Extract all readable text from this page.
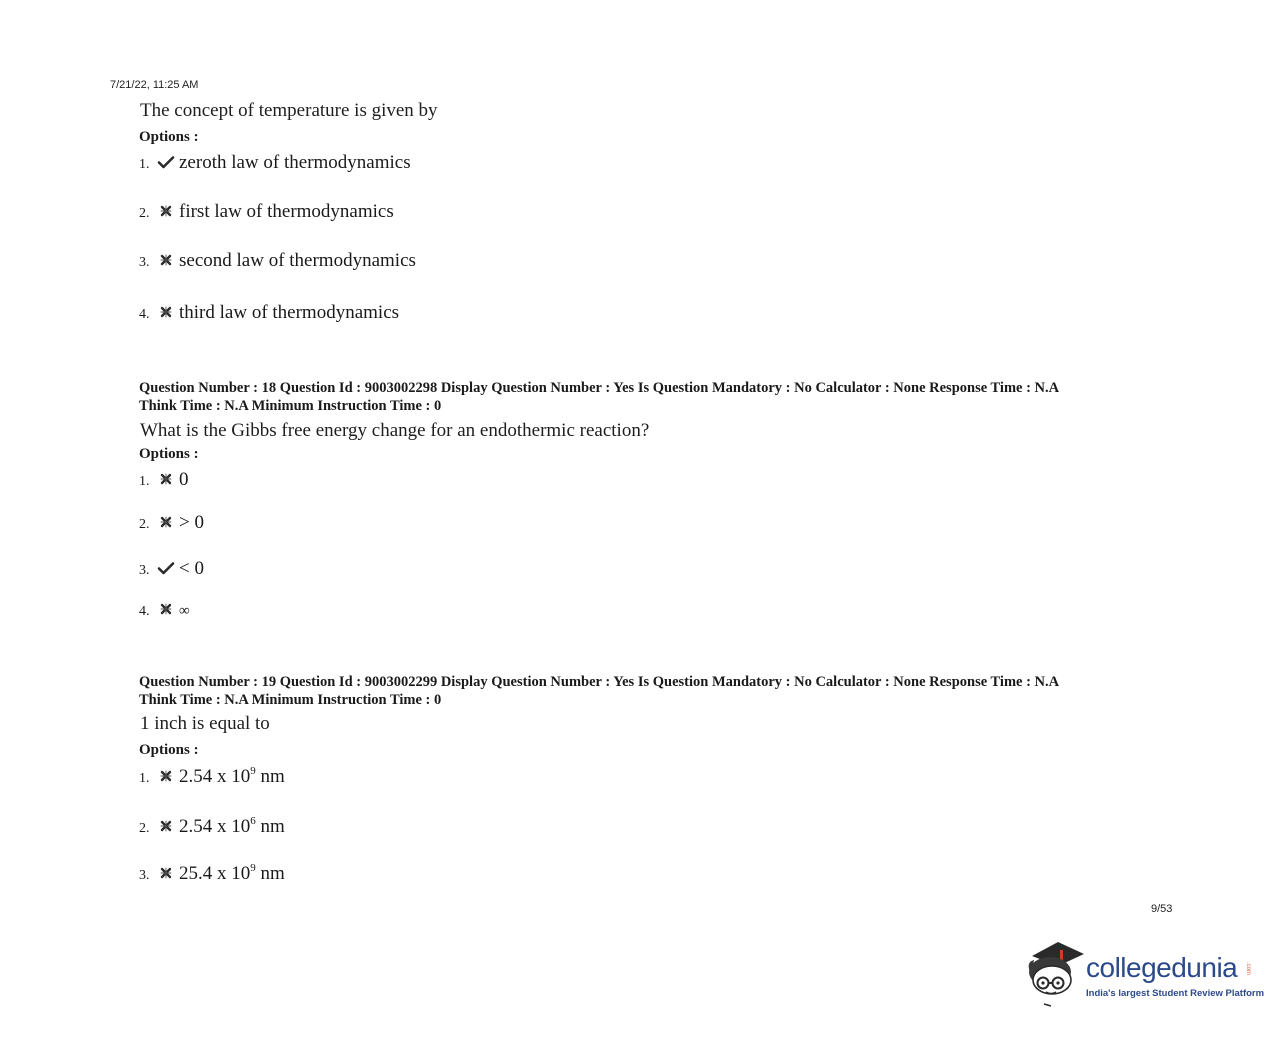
7/21/22, 11:25 AM
The concept of temperature is given by
Options :
1.	zeroth law of thermodynamics
2.	first law of thermodynamics
3.	second law of thermodynamics
4.	third law of thermodynamics
Question Number : 18 Question Id : 9003002298 Display Question Number : Yes Is Question Mandatory : No Calculator : None Response Time : N.A
Think Time : N.A Minimum Instruction Time : 0
What is the Gibbs free energy change for an endothermic reaction?
Options :
1.	0
2.	> 0
3.	< 0
4.	∞
Question Number : 19 Question Id : 9003002299 Display Question Number : Yes Is Question Mandatory : No Calculator : None Response Time : N.A
Think Time : N.A Minimum Instruction Time : 0
1 inch is equal to
Options :
1.	2.54 x $10^9$ nm
2.	2.54 x $10^6$ nm
3.	25.4 x $10^9$ nm
9/53
collegedunia .com
India's largest Student Review Platform
